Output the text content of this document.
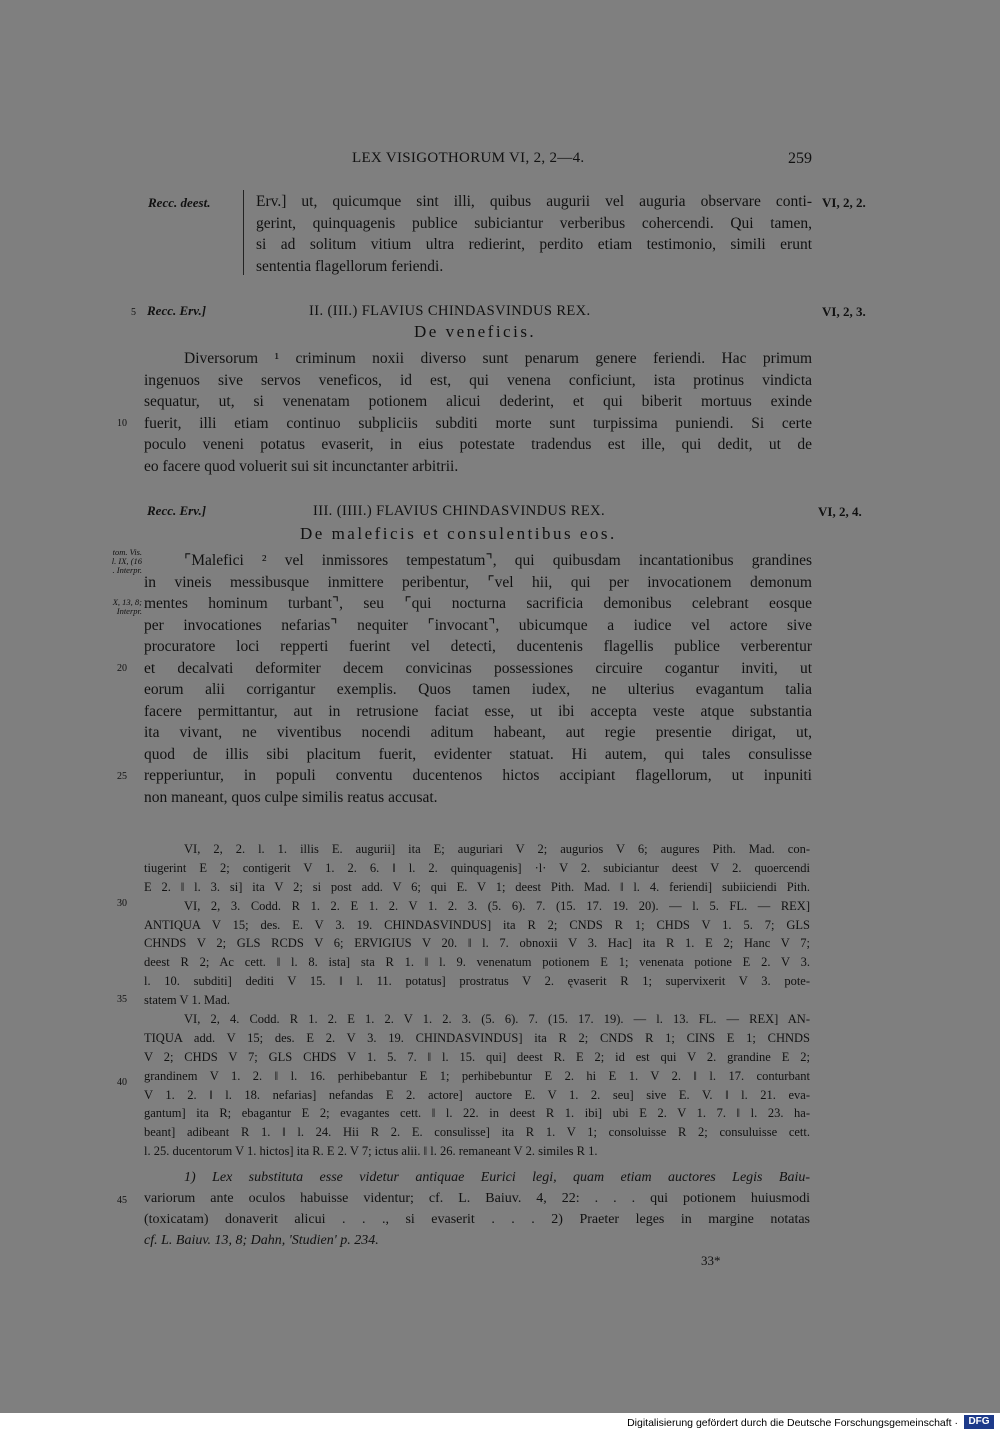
LEX VISIGOTHORUM VI, 2, 2—4.	259
Recc. deest.	VI, 2, 2.
Erv.] ut, quicumque sint illi, quibus augurii vel auguria observare conti-
gerint, quinquagenis publice subiciantur verberibus cohercendi. Qui tamen,
si ad solitum vitium ultra redierint, perdito etiam testimonio, simili erunt
sententia flagellorum feriendi.
5 Recc. Erv.]	II. (III.) FLAVIUS CHINDASVINDUS REX.	VI, 2, 3.
De veneficis.
Diversorum ¹ criminum noxii diverso sunt penarum genere feriendi. Hac primum
ingenuos sive servos veneficos, id est, qui venena conficiunt, ista protinus vindicta
sequatur, ut, si venenatam potionem alicui dederint, et qui biberit mortuus exinde
fuerit, illi etiam continuo subpliciis subditi morte sunt turpissima puniendi. Si certe
poculo veneni potatus evaserit, in eius potestate tradendus est ille, qui dedit, ut de
eo facere quod voluerit sui sit incunctanter arbitrii.
10
Recc. Erv.]	III. (IIII.) FLAVIUS CHINDASVINDUS REX.	VI, 2, 4.
De maleficis et consulentibus eos.
tom. Vis.
l. IX, (16
. Interpr.
X, 13, 8;
Interpr.
⌜Malefici ² vel inmissores tempestatum⌝, qui quibusdam incantationibus grandines
in vineis messibusque inmittere peribentur, ⌜vel hii, qui per invocationem demonum
mentes hominum turbant⌝, seu ⌜qui nocturna sacrificia demonibus celebrant eosque
per invocationes nefarias⌝ nequiter ⌜invocant⌝, ubicumque a iudice vel actore sive
procuratore loci repperti fuerint vel detecti, ducentenis flagellis publice verberentur
et decalvati deformiter decem convicinas possessiones circuire cogantur inviti, ut
eorum alii corrigantur exemplis. Quos tamen iudex, ne ulterius evagantum talia
facere permittantur, aut in retrusione faciat esse, ut ibi accepta veste atque substantia
ita vivant, ne viventibus nocendi aditum habeant, aut regie presentie dirigat, ut,
quod de illis sibi placitum fuerit, evidenter statuat. Hi autem, qui tales consulisse
repperiuntur, in populi conventu ducentenos hictos accipiant flagellorum, ut inpuniti
non maneant, quos culpe similis reatus accusat.
20
25
VI, 2, 2. l. 1. illis E. augurii] ita E; auguriari V 2; augurios V 6; augures Pith. Mad. con-
tiugerint E 2; contigerit V 1. 2. 6. ‖ l. 2. quinquagenis] ·l· V 2. subiciantur deest V 2. quoercendi
E 2. ‖ l. 3. si] ita V 2; si post add. V 6; qui E. V 1; deest Pith. Mad. ‖ l. 4. feriendi] subiiciendi Pith.
VI, 2, 3. Codd. R 1. 2. E 1. 2. V 1. 2. 3. (5. 6). 7. (15. 17. 19. 20). — l. 5. FL. — REX]
ANTIQUA V 15; des. E. V 3. 19. CHINDASVINDUS] ita R 2; CNDS R 1; CHDS V 1. 5. 7; GLS
CHNDS V 2; GLS RCDS V 6; ERVIGIUS V 20. ‖ l. 7. obnoxii V 3. Hac] ita R 1. E 2; Hanc V 7;
deest R 2; Ac cett. ‖ l. 8. ista] sta R 1. ‖ l. 9. venenatum potionem E 1; venenata potione E 2. V 3.
l. 10. subditi] dediti V 15. ‖ l. 11. potatus] prostratus V 2. ęvaserit R 1; supervixerit V 3. pote-
statem V 1. Mad.
VI, 2, 4. Codd. R 1. 2. E 1. 2. V 1. 2. 3. (5. 6). 7. (15. 17. 19). — l. 13. FL. — REX] AN-
TIQUA add. V 15; des. E 2. V 3. 19. CHINDASVINDUS] ita R 2; CNDS R 1; CINS E 1; CHNDS
V 2; CHDS V 7; GLS CHDS V 1. 5. 7. ‖ l. 15. qui] deest R. E 2; id est qui V 2. grandine E 2;
grandinem V 1. 2. ‖ l. 16. perhibebantur E 1; perhibebuntur E 2. hi E 1. V 2. ‖ l. 17. conturbant
V 1. 2. ‖ l. 18. nefarias] nefandas E 2. actore] auctore E. V 1. 2. seu] sive E. V. ‖ l. 21. eva-
gantum] ita R; ebagantur E 2; evagantes cett. ‖ l. 22. in deest R 1. ibi] ubi E 2. V 1. 7. ‖ l. 23. ha-
beant] adibeant R 1. ‖ l. 24. Hii R 2. E. consulisse] ita R 1. V 1; consoluisse R 2; consuluisse cett.
l. 25. ducentorum V 1. hictos] ita R. E 2. V 7; ictus alii. ‖ l. 26. remaneant V 2. similes R 1.
30
35
40
1) Lex substituta esse videtur antiquae Eurici legi, quam etiam auctores Legis Baiu-
variorum ante oculos habuisse videntur; cf. L. Baiuv. 4, 22: . . . qui potionem huiusmodi
(toxicatam) donaverit alicui . . ., si evaserit . . . 2) Praeter leges in margine notatas
cf. L. Baiuv. 13, 8; Dahn, 'Studien' p. 234.
45
33*
Digitalisierung gefördert durch die Deutsche Forschungsgemeinschaft ·	DFG
